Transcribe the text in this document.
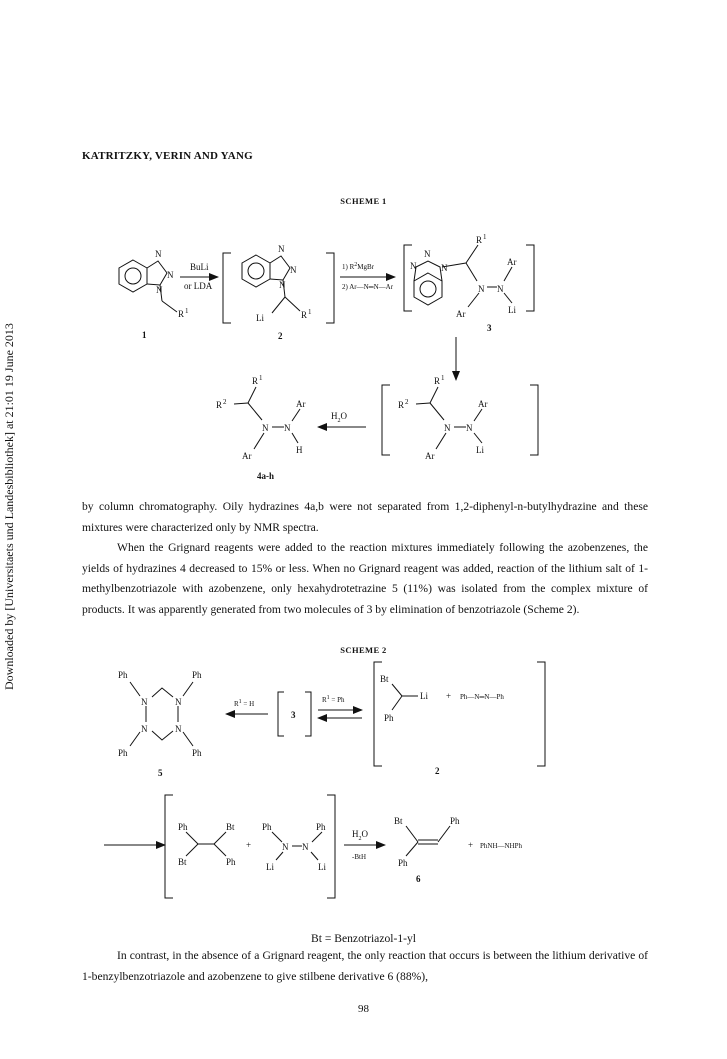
Downloaded by [Universitaets und Landesbibliothek] at 21:01 19 June 2013
KATRITZKY, VERIN AND YANG
SCHEME 1
N
N
N
R 1
1
BuLi
or LDA
N
N
N
Li	R 1
2
1) R2MgBr
2) Ar—N═N—Ar
N
N	N
R 1
N N
Ar
Ar	Li
3
R 2
R 1
N N
Ar
Ar
Li
$H_2O$
R 2
R 1
N N
Ar
Ar
H
4a-h

by column chromatography. Oily hydrazines 4a,b were not separated from 1,2-diphenyl-n-butylhydrazine and these mixtures were characterized only by NMR spectra.

When the Grignard reagents were added to the reaction mixtures immediately following the azobenzenes, the yields of hydrazines 4 decreased to 15% or less. When no Grignard reagent was added, reaction of the lithium salt of 1-methylbenzotriazole with azobenzene, only hexahydrotetrazine 5 (11%) was isolated from the complex mixture of products. It was apparently generated from two molecules of 3 by elimination of benzotriazole (Scheme 2).

SCHEME 2
N	N
N	N
Ph	Ph
Ph	Ph
5
R1 = H
3
R1 = Ph
Bt
Li
Ph
+ Ph—N═N—Ph
2
Ph
Bt
Bt
Ph
+
Ph	Ph
N N
Li	Li
$H_2O$
-BtH
Bt
Ph
Ph
6
+ PhNH—NHPh
Bt = Benzotriazol-1-yl

In contrast, in the absence of a Grignard reagent, the only reaction that occurs is between the lithium derivative of 1-benzylbenzotriazole and azobenzene to give stilbene derivative 6 (88%),

98
